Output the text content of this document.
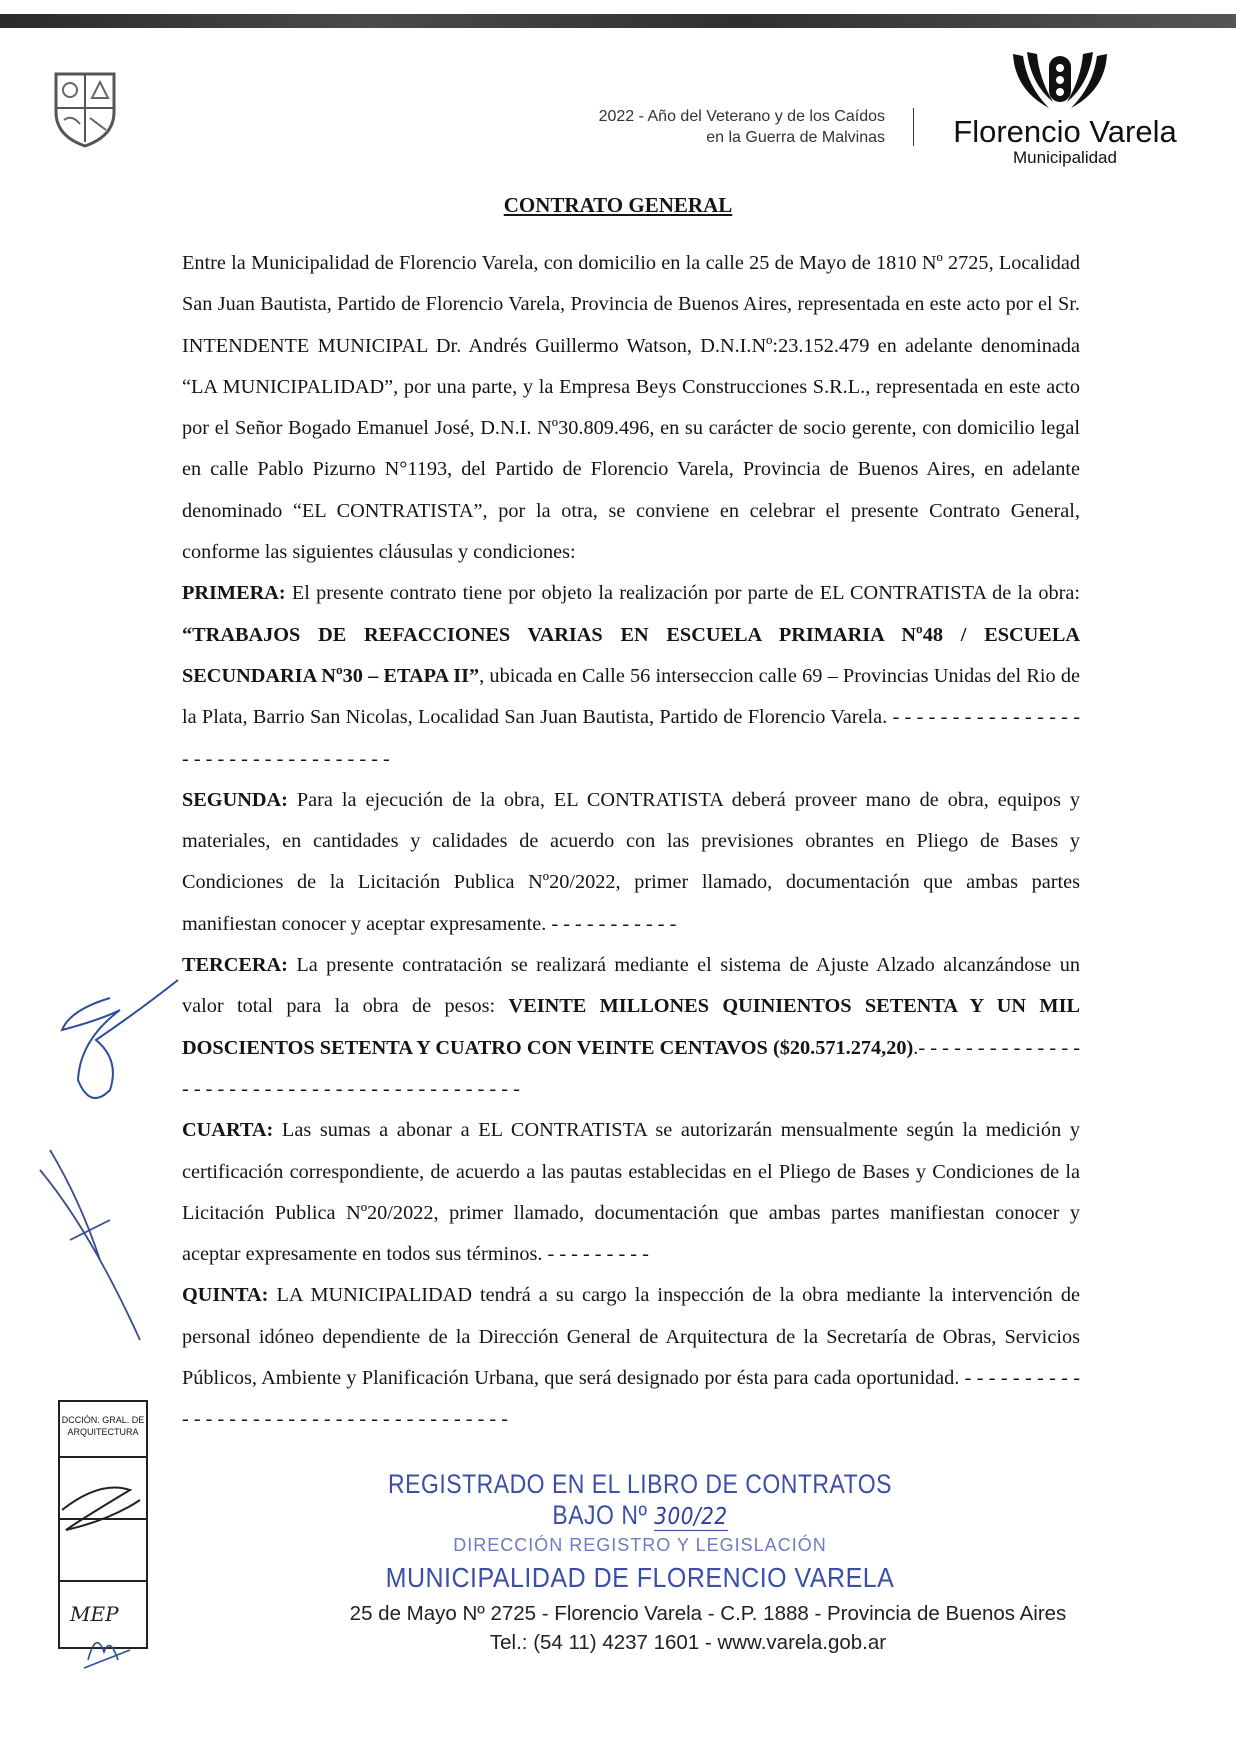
2022 - Año del Veterano y de los Caídos
en la Guerra de Malvinas Florencio Varela
Municipalidad
CONTRATO GENERAL

Entre la Municipalidad de Florencio Varela, con domicilio en la calle 25 de Mayo de 1810 Nº 2725, Localidad San Juan Bautista, Partido de Florencio Varela, Provincia de Buenos Aires, representada en este acto por el Sr. INTENDENTE MUNICIPAL Dr. Andrés Guillermo Watson, D.N.I.Nº:23.152.479 en adelante denominada “LA MUNICIPALIDAD”, por una parte, y la Empresa Beys Construcciones S.R.L., representada en este acto por el Señor Bogado Emanuel José, D.N.I. Nº30.809.496, en su carácter de socio gerente, con domicilio legal en calle Pablo Pizurno N°1193, del Partido de Florencio Varela, Provincia de Buenos Aires, en adelante denominado “EL CONTRATISTA”, por la otra, se conviene en celebrar el presente Contrato General, conforme las siguientes cláusulas y condiciones:

PRIMERA: El presente contrato tiene por objeto la realización por parte de EL CONTRATISTA de la obra: “TRABAJOS DE REFACCIONES VARIAS EN ESCUELA PRIMARIA Nº48 / ESCUELA SECUNDARIA Nº30 – ETAPA II”, ubicada en Calle 56 interseccion calle 69 – Provincias Unidas del Rio de la Plata, Barrio San Nicolas, Localidad San Juan Bautista, Partido de Florencio Varela. - - - - - - - - - - - - - - - - - - - - - - - - - - - - - - - - - -

SEGUNDA: Para la ejecución de la obra, EL CONTRATISTA deberá proveer mano de obra, equipos y materiales, en cantidades y calidades de acuerdo con las previsiones obrantes en Pliego de Bases y Condiciones de la Licitación Publica Nº20/2022, primer llamado, documentación que ambas partes manifiestan conocer y aceptar expresamente. - - - - - - - - - - -

TERCERA: La presente contratación se realizará mediante el sistema de Ajuste Alzado alcanzándose un valor total para la obra de pesos: VEINTE MILLONES QUINIENTOS SETENTA Y UN MIL DOSCIENTOS SETENTA Y CUATRO CON VEINTE CENTAVOS ($20.571.274,20).- - - - - - - - - - - - - - - - - - - - - - - - - - - - - - - - - - - - - - - - - - -

CUARTA: Las sumas a abonar a EL CONTRATISTA se autorizarán mensualmente según la medición y certificación correspondiente, de acuerdo a las pautas establecidas en el Pliego de Bases y Condiciones de la Licitación Publica Nº20/2022, primer llamado, documentación que ambas partes manifiestan conocer y aceptar expresamente en todos sus términos. - - - - - - - - -

QUINTA: LA MUNICIPALIDAD tendrá a su cargo la inspección de la obra mediante la intervención de personal idóneo dependiente de la Dirección General de Arquitectura de la Secretaría de Obras, Servicios Públicos, Ambiente y Planificación Urbana, que será designado por ésta para cada oportunidad. - - - - - - - - - - - - - - - - - - - - - - - - - - - - - - - - - - - - - -

REGISTRADO EN EL LIBRO DE CONTRATOS BAJO Nº 300/22
DIRECCIÓN REGISTRO Y LEGISLACIÓN
MUNICIPALIDAD DE FLORENCIO VARELA
DCCIÓN. GRAL. DE ARQUITECTURA
MEP	25 de Mayo Nº 2725 - Florencio Varela - C.P. 1888 - Provincia de Buenos Aires
Tel.: (54 11) 4237 1601 - www.varela.gob.ar
